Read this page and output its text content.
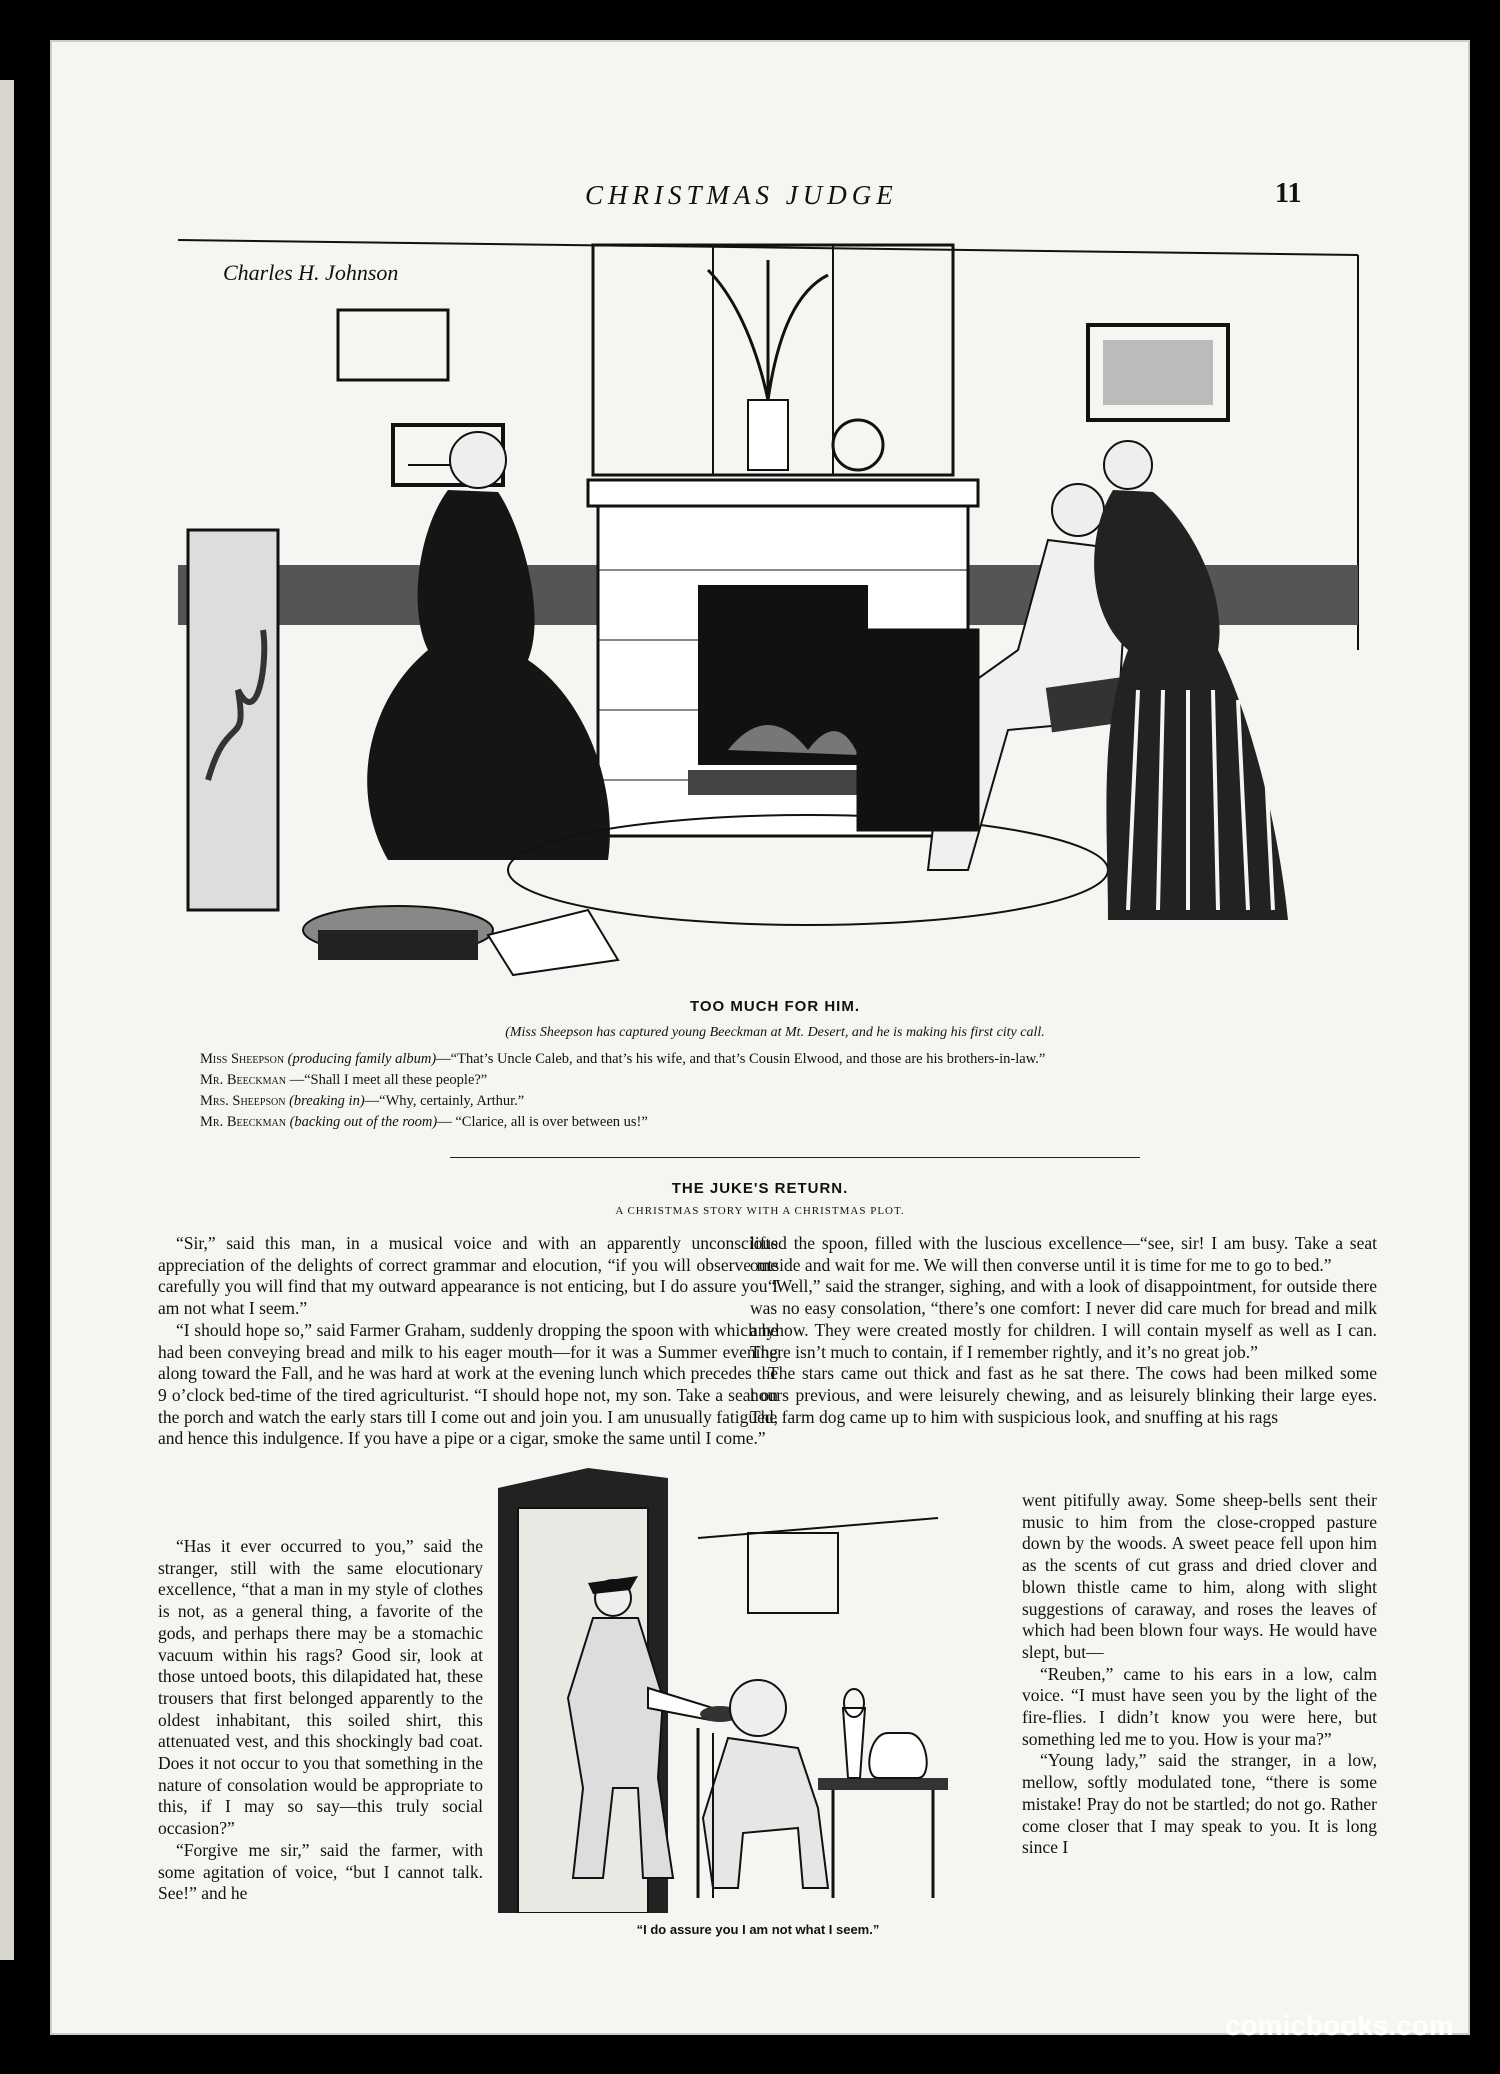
CHRISTMAS JUDGE	11
Charles H. Johnson
TOO MUCH FOR HIM.
(Miss Sheepson has captured young Beeckman at Mt. Desert, and he is making his first city call.
Miss Sheepson (producing family album)—“That’s Uncle Caleb, and that’s his wife, and that’s Cousin Elwood, and those are his brothers-in-law.”
Mr. Beeckman —“Shall I meet all these people?”
Mrs. Sheepson (breaking in)—“Why, certainly, Arthur.”
Mr. Beeckman (backing out of the room)— “Clarice, all is over between us!”
THE JUKE'S RETURN.
A CHRISTMAS STORY WITH A CHRISTMAS PLOT.

“Sir,” said this man, in a musical voice and with an apparently unconscious appreciation of the delights of correct grammar and elocution, “if you will observe me carefully you will find that my outward appearance is not enticing, but I do assure you I am not what I seem.”

“I should hope so,” said Farmer Graham, suddenly dropping the spoon with which he had been conveying bread and milk to his eager mouth—for it was a Summer evening along toward the Fall, and he was hard at work at the evening lunch which precedes the 9 o’clock bed-time of the tired agriculturist. “I should hope not, my son. Take a seat on the porch and watch the early stars till I come out and join you. I am unusually fatigued, and hence this indulgence. If you have a pipe or a cigar, smoke the same until I come.”

“Has it ever occurred to you,” said the stranger, still with the same elocutionary excellence, “that a man in my style of clothes is not, as a general thing, a favorite of the gods, and perhaps there may be a stomachic vacuum within his rags? Good sir, look at those untoed boots, this dilapidated hat, these trousers that first belonged apparently to the oldest inhabitant, this soiled shirt, this attenuated vest, and this shockingly bad coat. Does it not occur to you that something in the nature of consolation would be appropriate to this, if I may so say—this truly social occasion?”

“Forgive me sir,” said the farmer, with some agitation of voice, “but I cannot talk. See!” and he

lifted the spoon, filled with the luscious excellence—“see, sir! I am busy. Take a seat outside and wait for me. We will then converse until it is time for me to go to bed.”

“Well,” said the stranger, sighing, and with a look of disappointment, for outside there was no easy consolation, “there’s one comfort: I never did care much for bread and milk anyhow. They were created mostly for children. I will contain myself as well as I can. There isn’t much to contain, if I remember rightly, and it’s no great job.”

The stars came out thick and fast as he sat there. The cows had been milked some hours previous, and were leisurely chewing, and as leisurely blinking their large eyes. The farm dog came up to him with suspicious look, and snuffing at his rags

went pitifully away. Some sheep-bells sent their music to him from the close-cropped pasture down by the woods. A sweet peace fell upon him as the scents of cut grass and dried clover and blown thistle came to him, along with slight suggestions of caraway, and roses the leaves of which had been blown four ways. He would have slept, but—

“Reuben,” came to his ears in a low, calm voice. “I must have seen you by the light of the fire-flies. I didn’t know you were here, but something led me to you. How is your ma?”

“Young lady,” said the stranger, in a low, mellow, softly modulated tone, “there is some mistake! Pray do not be startled; do not go. Rather come closer that I may speak to you. It is long since I

“I do assure you I am not what I seem.”
comicbooks.com
